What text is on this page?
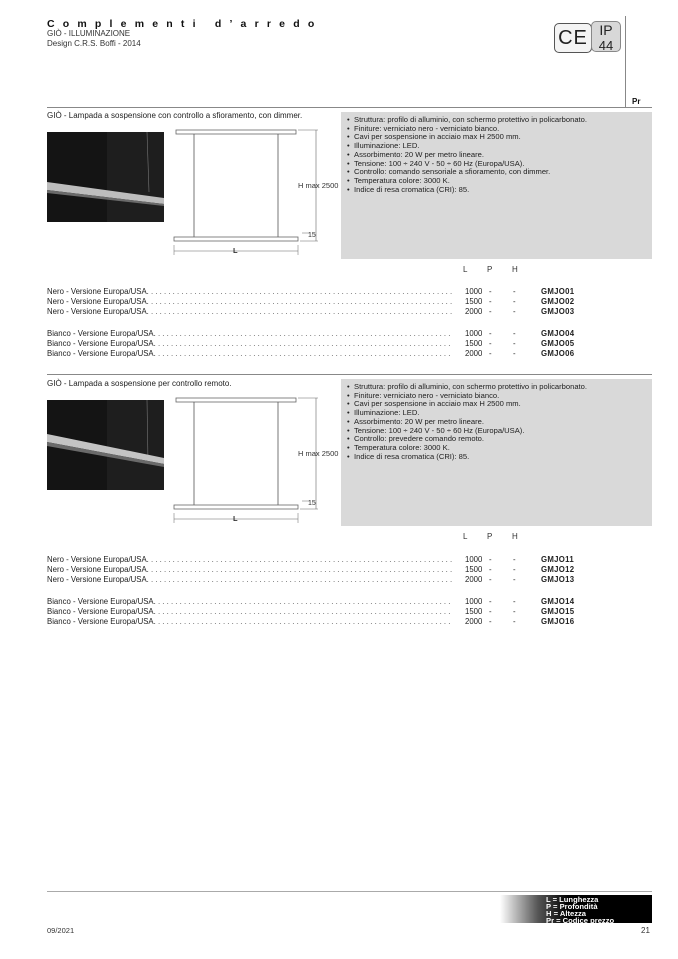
Complementi d’arredo
GIÒ - ILLUMINAZIONE
Design C.R.S. Boffi - 2014	CE IP
44
Pr
GIÒ - Lampada a sospensione con controllo a sfioramento, con dimmer.
H max 2500
15
L
• Struttura: profilo di alluminio, con schermo protettivo in policarbonato.
• Finiture: verniciato nero - verniciato bianco.
• Cavi per sospensione in acciaio max H 2500 mm.
• Illuminazione: LED.
• Assorbimento: 20 W per metro lineare.
• Tensione: 100 ÷ 240 V - 50 ÷ 60 Hz (Europa/USA).
• Controllo: comando sensoriale a sfioramento, con dimmer.
• Temperatura colore: 3000 K.
• Indice di resa cromatica (CRI): 85.
L P H
Nero - Versione Europa/USA. . . .	1000 -	-	GMJO01
Nero - Versione Europa/USA. . . .	1500 -	-	GMJO02
Nero - Versione Europa/USA. . . .	2000 -	-	GMJO03
Bianco - Versione Europa/USA. . . .	1000 -	-	GMJO04
Bianco - Versione Europa/USA. . . .	1500 -	-	GMJO05
Bianco - Versione Europa/USA. . . .	2000 -	-	GMJO06
GIÒ - Lampada a sospensione per controllo remoto.
H max 2500
15
L
• Struttura: profilo di alluminio, con schermo protettivo in policarbonato.
• Finiture: verniciato nero - verniciato bianco.
• Cavi per sospensione in acciaio max H 2500 mm.
• Illuminazione: LED.
• Assorbimento: 20 W per metro lineare.
• Tensione: 100 ÷ 240 V - 50 ÷ 60 Hz (Europa/USA).
• Controllo: prevedere comando remoto.
• Temperatura colore: 3000 K.
• Indice di resa cromatica (CRI): 85.
L P H
Nero - Versione Europa/USA. . . .	1000 -	-	GMJO11
Nero - Versione Europa/USA. . . .	1500 -	-	GMJO12
Nero - Versione Europa/USA. . . .	2000 -	-	GMJO13
Bianco - Versione Europa/USA. . . .	1000 -	-	GMJO14
Bianco - Versione Europa/USA. . . .	1500 -	-	GMJO15
Bianco - Versione Europa/USA. . . .	2000 -	-	GMJO16
L = Lunghezza
P = Profondità
H = Altezza
Pr = Codice prezzo
09/2021	21
